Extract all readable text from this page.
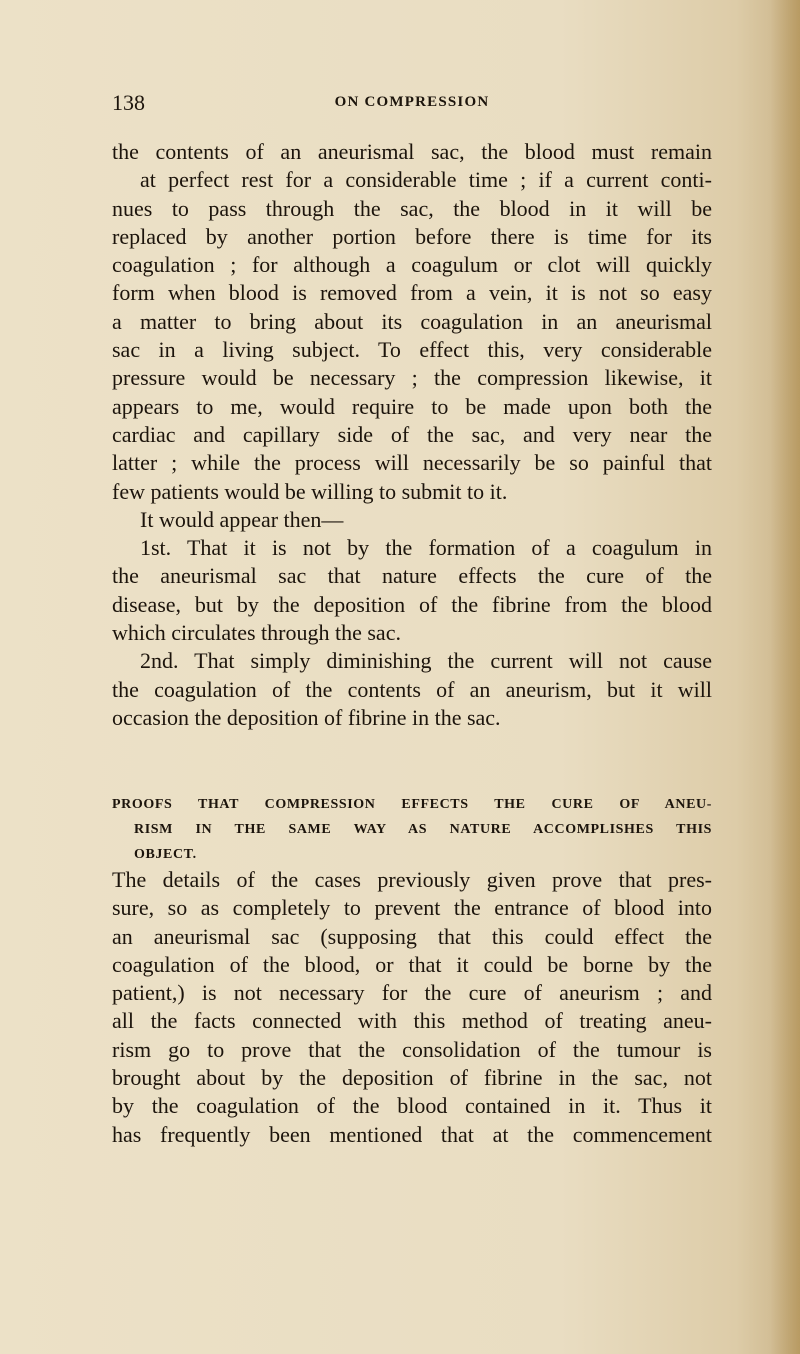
138	ON COMPRESSION
the contents of an aneurismal sac, the blood must remain
at perfect rest for a considerable time ; if a current conti-
nues to pass through the sac, the blood in it will be
replaced by another portion before there is time for its
coagulation ; for although a coagulum or clot will quickly
form when blood is removed from a vein, it is not so easy
a matter to bring about its coagulation in an aneurismal
sac in a living subject. To effect this, very considerable
pressure would be necessary ; the compression likewise, it
appears to me, would require to be made upon both the
cardiac and capillary side of the sac, and very near the
latter ; while the process will necessarily be so painful that
few patients would be willing to submit to it.
It would appear then—
1st. That it is not by the formation of a coagulum in
the aneurismal sac that nature effects the cure of the
disease, but by the deposition of the fibrine from the blood
which circulates through the sac.
2nd. That simply diminishing the current will not cause
the coagulation of the contents of an aneurism, but it will
occasion the deposition of fibrine in the sac.
PROOFS THAT COMPRESSION EFFECTS THE CURE OF ANEU-
RISM IN THE SAME WAY AS NATURE ACCOMPLISHES THIS
OBJECT.
The details of the cases previously given prove that pres-
sure, so as completely to prevent the entrance of blood into
an aneurismal sac (supposing that this could effect the
coagulation of the blood, or that it could be borne by the
patient,) is not necessary for the cure of aneurism ; and
all the facts connected with this method of treating aneu-
rism go to prove that the consolidation of the tumour is
brought about by the deposition of fibrine in the sac, not
by the coagulation of the blood contained in it. Thus it
has frequently been mentioned that at the commencement
